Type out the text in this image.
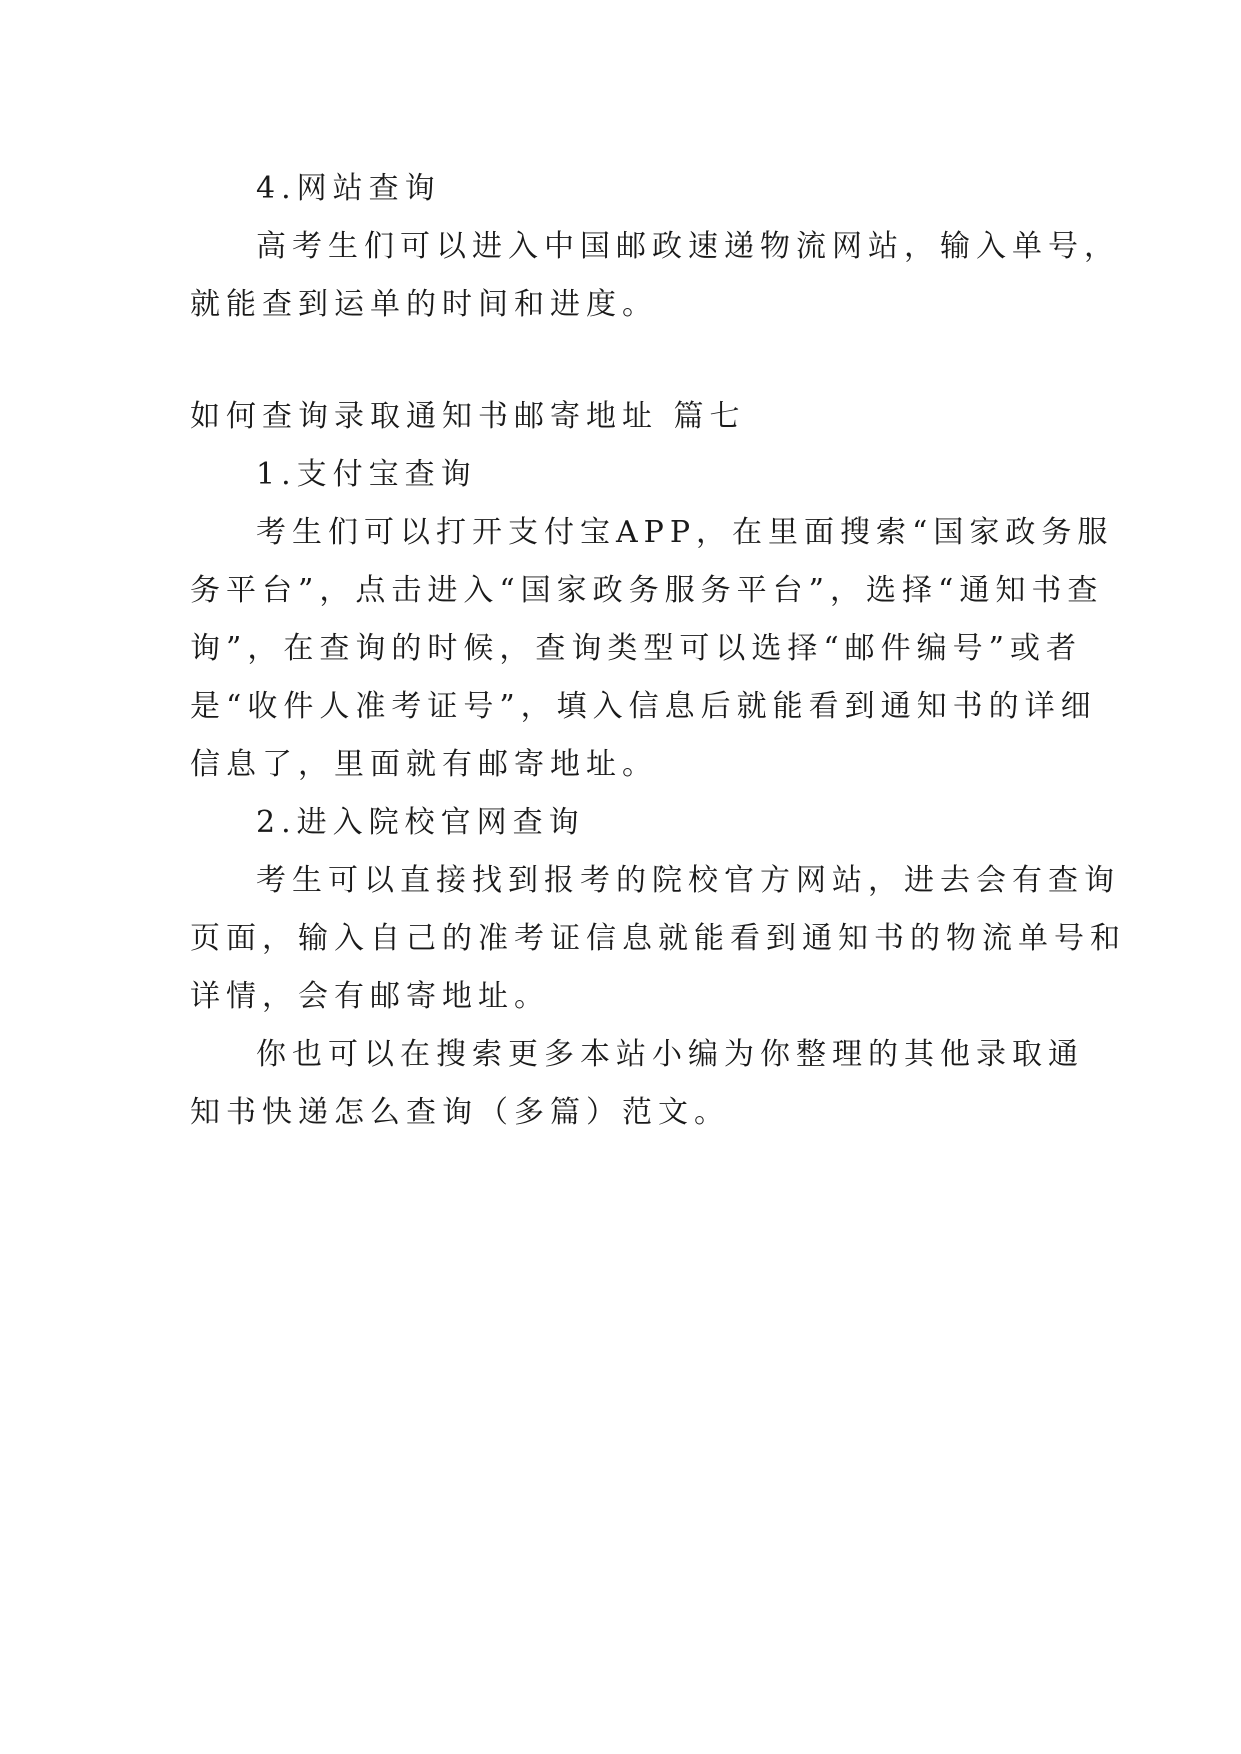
4.网站查询
高考生们可以进入中国邮政速递物流网站，输入单号，
就能查到运单的时间和进度。
如何查询录取通知书邮寄地址 篇七
1.支付宝查询
考生们可以打开支付宝APP，在里面搜索“国家政务服
务平台”，点击进入“国家政务服务平台”，选择“通知书查
询”，在查询的时候，查询类型可以选择“邮件编号”或者
是“收件人准考证号”，填入信息后就能看到通知书的详细
信息了，里面就有邮寄地址。
2.进入院校官网查询
考生可以直接找到报考的院校官方网站，进去会有查询
页面，输入自己的准考证信息就能看到通知书的物流单号和
详情，会有邮寄地址。
你也可以在搜索更多本站小编为你整理的其他录取通
知书快递怎么查询（多篇）范文。
